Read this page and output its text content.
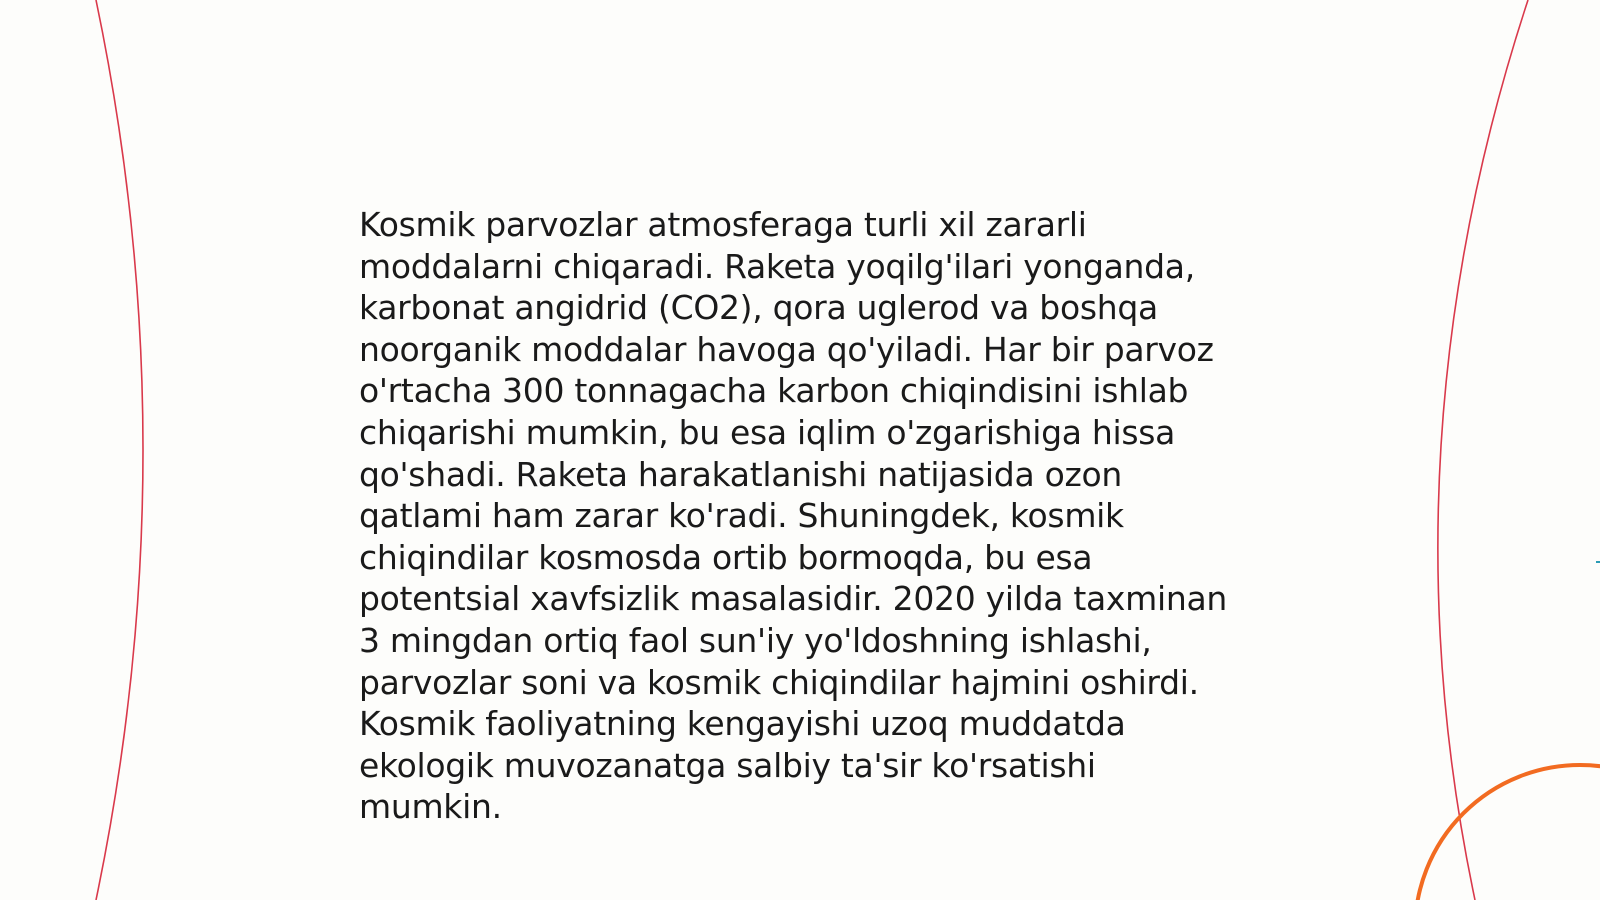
Kosmik parvozlar atmosferaga turli xil zararli moddalarni chiqaradi. Raketa yoqilg'ilari yonganda, karbonat angidrid (CO2), qora uglerod va boshqa noorganik moddalar havoga qo'yiladi. Har bir parvoz o'rtacha 300 tonnagacha karbon chiqindisini ishlab chiqarishi mumkin, bu esa iqlim o'zgarishiga hissa qo'shadi. Raketa harakatlanishi natijasida ozon qatlami ham zarar ko'radi. Shuningdek, kosmik chiqindilar kosmosda ortib bormoqda, bu esa potentsial xavfsizlik masalasidir. 2020 yilda taxminan 3 mingdan ortiq faol sun'iy yo'ldoshning ishlashi, parvozlar soni va kosmik chiqindilar hajmini oshirdi. Kosmik faoliyatning kengayishi uzoq muddatda ekologik muvozanatga salbiy ta'sir ko'rsatishi mumkin.
